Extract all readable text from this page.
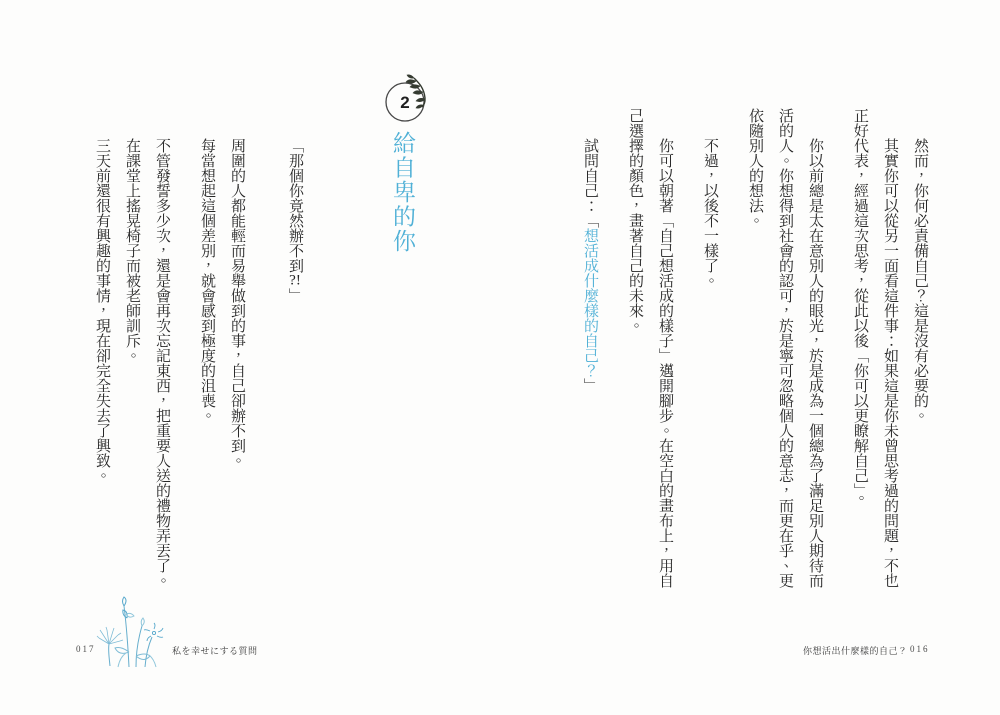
然而，你何必責備自己？這是沒有必要的。

其實你可以從另一面看這件事：如果這是你未曾思考過的問題，不也正好代表，經過這次思考，從此以後「你可以更瞭解自己」。

你以前總是太在意別人的眼光，於是成為一個總為了滿足別人期待而活的人。你想得到社會的認可，於是寧可忽略個人的意志，而更在乎、更依隨別人的想法。

不過，以後不一樣了。

你可以朝著「自己想活成的樣子」邁開腳步。在空白的畫布上，用自己選擇的顏色，畫著自己的未來。

試問自己：「想活成什麼樣的自己？」

你想活出什麼樣的自己？ 016
2
給自卑的你

「那個你竟然辦不到?!」

周圍的人都能輕而易舉做到的事，自己卻辦不到。

每當想起這個差別，就會感到極度的沮喪。

不管發誓多少次，還是會再次忘記東西，把重要人送的禮物弄丟了。

在課堂上搖晃椅子而被老師訓斥。

三天前還很有興趣的事情，現在卻完全失去了興致。

私を幸せにする質問
017
